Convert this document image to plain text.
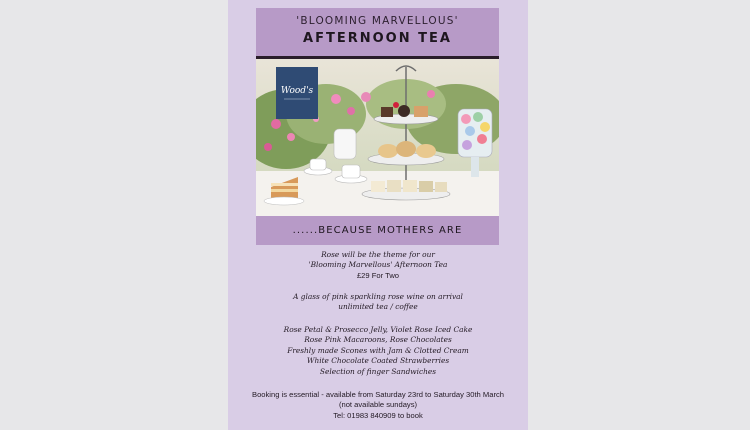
'BLOOMING MARVELLOUS'
AFTERNOON TEA
Wood's
......BECAUSE MOTHERS ARE

Rose will be the theme for our

'Blooming Marvellous' Afternoon Tea

£29 For Two

A glass of pink sparkling rose wine on arrival

unlimited tea / coffee

Rose Petal & Prosecco Jelly, Violet Rose Iced Cake

Rose Pink Macaroons, Rose Chocolates

Freshly made Scones with Jam & Clotted Cream

White Chocolate Coated Strawberries

Selection of finger Sandwiches

Booking is essential - available from Saturday 23rd to Saturday 30th March

(not available sundays)

Tel: 01983 840909 to book
